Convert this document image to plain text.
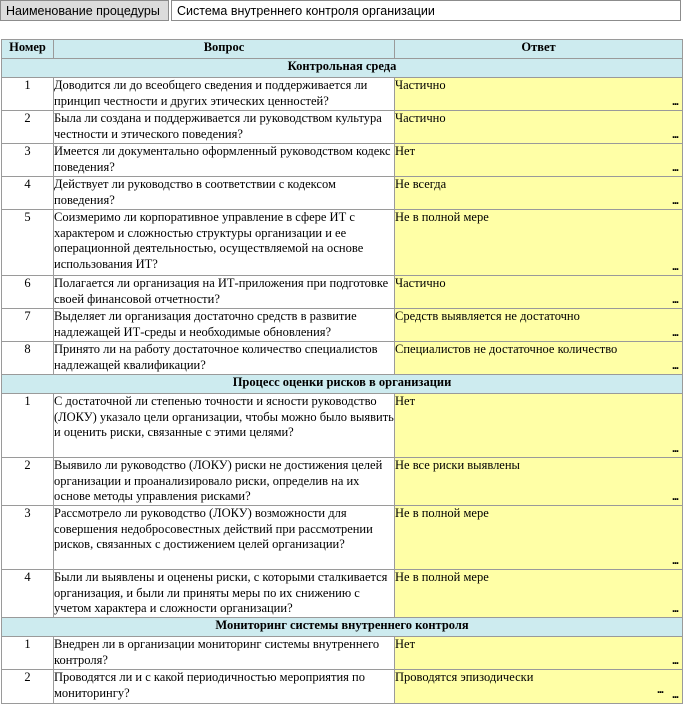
Наименование процедуры	Система внутреннего контроля организации
Номер	Вопрос	Ответ
Контрольная среда		
1	Доводится ли до всеобщего сведения и поддерживается ли принцип честности и других этических ценностей?	Частично
...

2	Была ли создана и поддерживается ли руководством культура честности и этического поведения?	Частично
...

3	Имеется ли документально оформленный руководством кодекс поведения?	Нет
...

4	Действует ли руководство в соответствии с кодексом поведения?	Не всегда
...

5	Соизмеримо ли корпоративное управление в сфере ИТ с характером и сложностью структуры организации и ее операционной деятельностью, осуществляемой на основе использования ИТ?	Не в полной мере
...

6	Полагается ли организация на ИТ-приложения при подготовке своей финансовой отчетности?	Частично
...

7	Выделяет ли организация достаточно средств в развитие надлежащей ИТ-среды и необходимые обновления?	Средств выявляется не достаточно
...

8	Принято ли на работу достаточное количество специалистов надлежащей квалификации?	Специалистов не достаточное количество
...

Процесс оценки рисков в организации		
1	С достаточной ли степенью точности и ясности руководство (ЛОКУ) указало цели организации, чтобы можно было выявить и оценить риски, связанные с этими целями?	Нет
...

2	Выявило ли руководство (ЛОКУ) риски не достижения целей организации и проанализировало риски, определив на их основе методы управления рисками?	Не все риски выявлены
...

3	Рассмотрело ли руководство (ЛОКУ) возможности для совершения недобросовестных действий при рассмотрении рисков, связанных с достижением целей организации?	Не в полной мере
...

4	Были ли выявлены и оценены риски, с которыми сталкивается организация, и были ли приняты меры по их снижению с учетом характера и сложности организации?	Не в полной мере
...

Мониторинг системы внутреннего контроля		
1	Внедрен ли в организации мониторинг системы внутреннего контроля?	Нет
...

2	Проводятся ли и с какой периодичностью мероприятия по мониторингу?	Проводятся эпизодически
...
...
